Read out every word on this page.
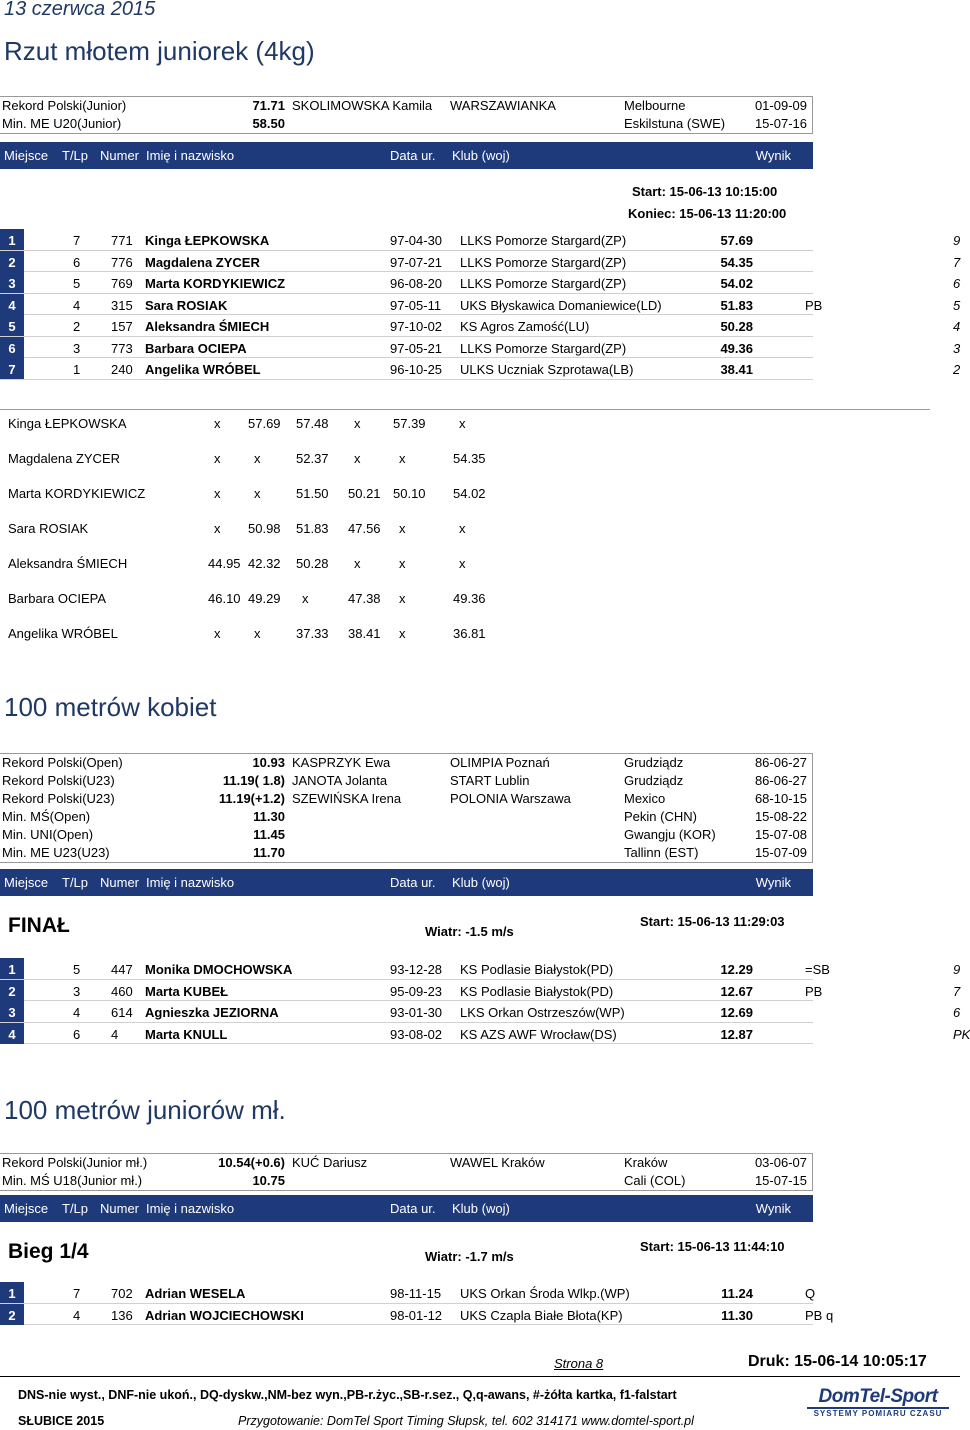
13 czerwca 2015
Rzut młotem juniorek (4kg)
Rekord Polski(Junior)	71.71 SKOLIMOWSKA Kamila WARSZAWIANKA	Melbourne	01-09-09
Min. ME U20(Junior)	58.50	Eskilstuna (SWE) 15-07-16
Miejsce T/Lp Numer Imię i nazwisko	Data ur. Klub (woj)	Wynik
Start: 15-06-13 10:15:00
Koniec: 15-06-13 11:20:00
1	7 771 Kinga ŁEPKOWSKA	97-04-30 LLKS Pomorze Stargard(ZP)	57.69	9
2	6 776 Magdalena ZYCER	97-07-21 LLKS Pomorze Stargard(ZP)	54.35	7
3	5 769 Marta KORDYKIEWICZ	96-08-20 LLKS Pomorze Stargard(ZP)	54.02	6
4	4 315 Sara ROSIAK	97-05-11 UKS Błyskawica Domaniewice(LD)	51.83	PB	5
5	2 157 Aleksandra ŚMIECH	97-10-02 KS Agros Zamość(LU)	50.28	4
6	3 773 Barbara OCIEPA	97-05-21 LLKS Pomorze Stargard(ZP)	49.36	3
7	1 240 Angelika WRÓBEL	96-10-25 ULKS Uczniak Szprotawa(LB)	38.41	2
Kinga ŁEPKOWSKA	x 57.69 57.48 x	57.39	x
Magdalena ZYCER	x	x	52.37 x	x	54.35
Marta KORDYKIEWICZ	x	x	51.50 50.21 50.10 54.02
Sara ROSIAK	x 50.98 51.83 47.56 x	x
Aleksandra ŚMIECH	44.95 42.32 50.28 x	x	x
Barbara OCIEPA	46.10 49.29 x	47.38 x	49.36
Angelika WRÓBEL	x	x	37.33 38.41 x	36.81
100 metrów kobiet
Rekord Polski(Open)	10.93 KASPRZYK Ewa	OLIMPIA Poznań	Grudziądz	86-06-27
Rekord Polski(U23)	11.19( 1.8) JANOTA Jolanta	START Lublin	Grudziądz	86-06-27
Rekord Polski(U23)	11.19(+1.2) SZEWIŃSKA Irena	POLONIA Warszawa	Mexico	68-10-15
Min. MŚ(Open)	11.30	Pekin (CHN)	15-08-22
Min. UNI(Open)	11.45	Gwangju (KOR)	15-07-08
Min. ME U23(U23)	11.70	Tallinn (EST)	15-07-09
Miejsce T/Lp Numer Imię i nazwisko	Data ur. Klub (woj)	Wynik
FINAŁ	Wiatr: -1.5 m/s
Start: 15-06-13 11:29:03
1	5 447 Monika DMOCHOWSKA	93-12-28 KS Podlasie Białystok(PD)	12.29	=SB	9
2	3 460 Marta KUBEŁ	95-09-23 KS Podlasie Białystok(PD)	12.67	PB	7
3	4 614 Agnieszka JEZIORNA	93-01-30 LKS Orkan Ostrzeszów(WP)	12.69	6
4	6 4 Marta KNULL	93-08-02 KS AZS AWF Wrocław(DS)	12.87	PK
100 metrów juniorów mł.
Rekord Polski(Junior mł.)	10.54(+0.6) KUĆ Dariusz	WAWEL Kraków	Kraków	03-06-07
Min. MŚ U18(Junior mł.)	10.75	Cali (COL)	15-07-15
Miejsce T/Lp Numer Imię i nazwisko	Data ur. Klub (woj)	Wynik
Bieg 1/4	Wiatr: -1.7 m/s
Start: 15-06-13 11:44:10
1	7 702 Adrian WESELA	98-11-15 UKS Orkan Środa Wlkp.(WP)	11.24	Q
2	4 136 Adrian WOJCIECHOWSKI	98-01-12 UKS Czapla Białe Błota(KP)	11.30	PB q
Strona 8	Druk: 15-06-14 10:05:17
DNS-nie wyst., DNF-nie ukoń., DQ-dyskw.,NM-bez wyn.,PB-r.życ.,SB-r.sez., Q,q-awans, #-żółta kartka, f1-falstart
SŁUBICE 2015	Przygotowanie: DomTel Sport Timing Słupsk, tel. 602 314171 www.domtel-sport.pl
DomTel-Sport
SYSTEMY POMIARU CZASU
